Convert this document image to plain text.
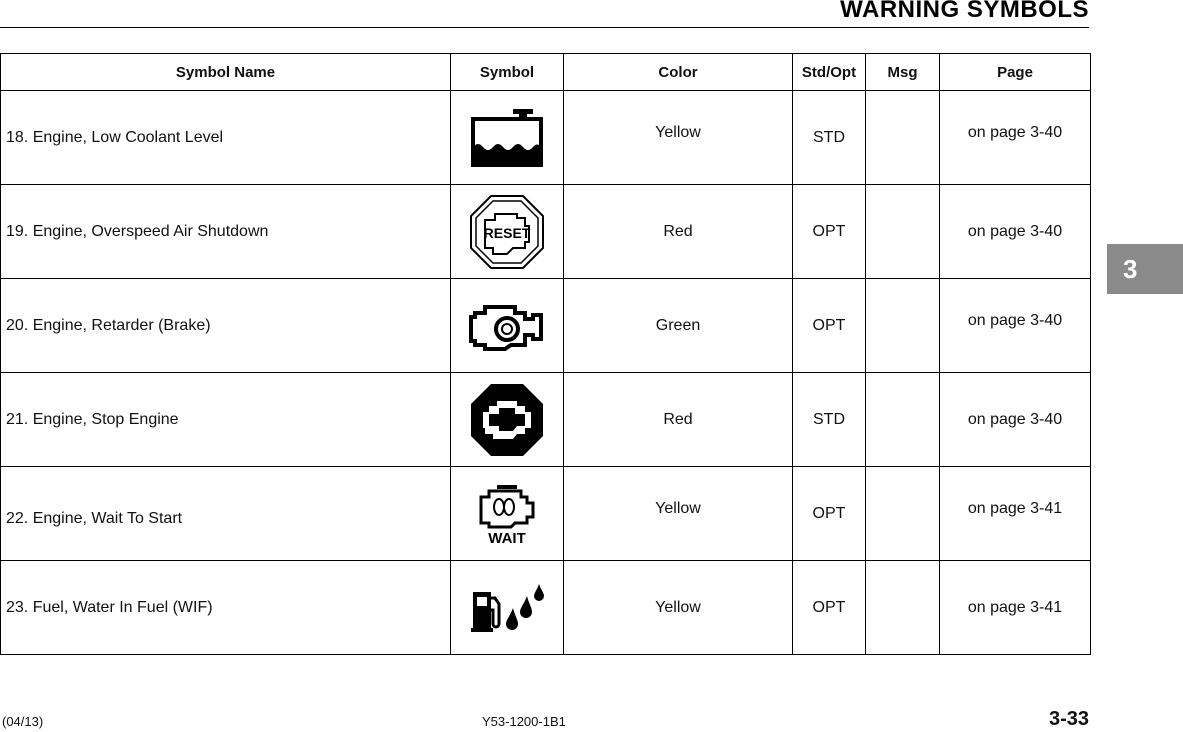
WARNING SYMBOLS
Symbol Name	Symbol	Color	Std/Opt	Msg	Page
18. Engine, Low Coolant Level		Yellow	STD		on page 3-40
19. Engine, Overspeed Air Shutdown	RESET	Red	OPT		on page 3-40
20. Engine, Retarder (Brake)		Green	OPT		on page 3-40
21. Engine, Stop Engine		Red	STD		on page 3-40
22. Engine, Wait To Start	WAIT	Yellow	OPT		on page 3-41
23. Fuel, Water In Fuel (WIF)		Yellow	OPT		on page 3-41
3
(04/13)	Y53-1200-1B1	3-33
